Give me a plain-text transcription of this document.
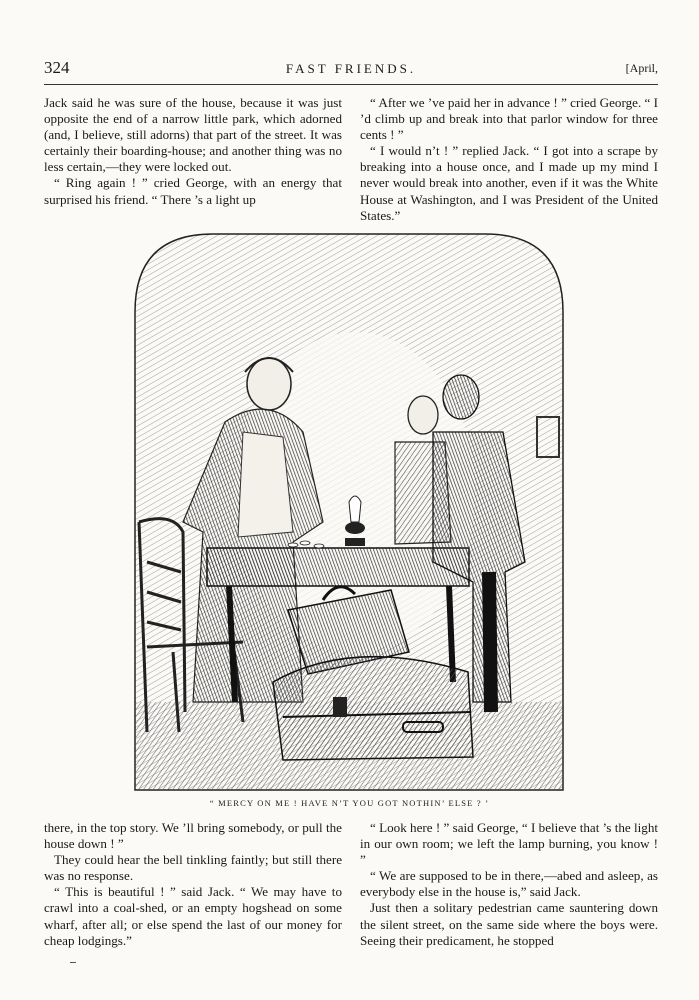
324	FAST FRIENDS.	[April,

Jack said he was sure of the house, because it was just opposite the end of a narrow little park, which adorned (and, I believe, still adorns) that part of the street. It was certainly their boarding-house; and another thing was no less certain,—they were locked out.

“ Ring again ! ” cried George, with an energy that surprised his friend. “ There ’s a light up

“ After we ’ve paid her in advance ! ” cried George. “ I ’d climb up and break into that parlor window for three cents ! ”

“ I would n’t ! ” replied Jack. “ I got into a scrape by breaking into a house once, and I made up my mind I never would break into another, even if it was the White House at Washington, and I was President of the United States.”

“ MERCY ON ME ! HAVE N’T YOU GOT NOTHIN’ ELSE ? ’

there, in the top story. We ’ll bring somebody, or pull the house down ! ”

They could hear the bell tinkling faintly; but still there was no response.

“ This is beautiful ! ” said Jack. “ We may have to crawl into a coal-shed, or an empty hogshead on some wharf, after all; or else spend the last of our money for cheap lodgings.”

“ Look here ! ” said George, “ I believe that ’s the light in our own room; we left the lamp burning, you know ! ”

“ We are supposed to be in there,—abed and asleep, as everybody else in the house is,” said Jack.

Just then a solitary pedestrian came sauntering down the silent street, on the same side where the boys were. Seeing their predicament, he stopped
